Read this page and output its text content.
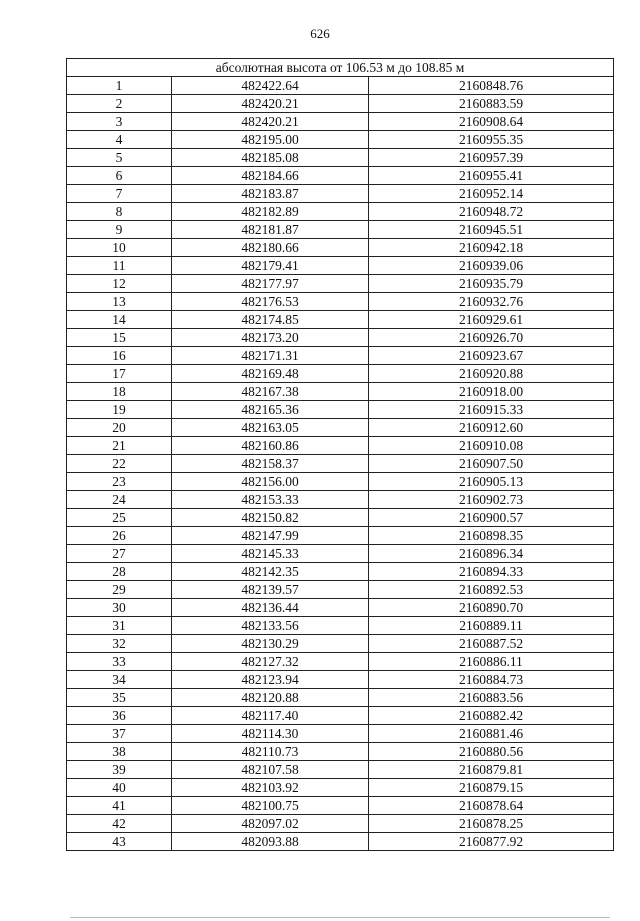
626
абсолютная высота от 106.53 м до 108.85 м		
1	482422.64	2160848.76
2	482420.21	2160883.59
3	482420.21	2160908.64
4	482195.00	2160955.35
5	482185.08	2160957.39
6	482184.66	2160955.41
7	482183.87	2160952.14
8	482182.89	2160948.72
9	482181.87	2160945.51
10	482180.66	2160942.18
11	482179.41	2160939.06
12	482177.97	2160935.79
13	482176.53	2160932.76
14	482174.85	2160929.61
15	482173.20	2160926.70
16	482171.31	2160923.67
17	482169.48	2160920.88
18	482167.38	2160918.00
19	482165.36	2160915.33
20	482163.05	2160912.60
21	482160.86	2160910.08
22	482158.37	2160907.50
23	482156.00	2160905.13
24	482153.33	2160902.73
25	482150.82	2160900.57
26	482147.99	2160898.35
27	482145.33	2160896.34
28	482142.35	2160894.33
29	482139.57	2160892.53
30	482136.44	2160890.70
31	482133.56	2160889.11
32	482130.29	2160887.52
33	482127.32	2160886.11
34	482123.94	2160884.73
35	482120.88	2160883.56
36	482117.40	2160882.42
37	482114.30	2160881.46
38	482110.73	2160880.56
39	482107.58	2160879.81
40	482103.92	2160879.15
41	482100.75	2160878.64
42	482097.02	2160878.25
43	482093.88	2160877.92
